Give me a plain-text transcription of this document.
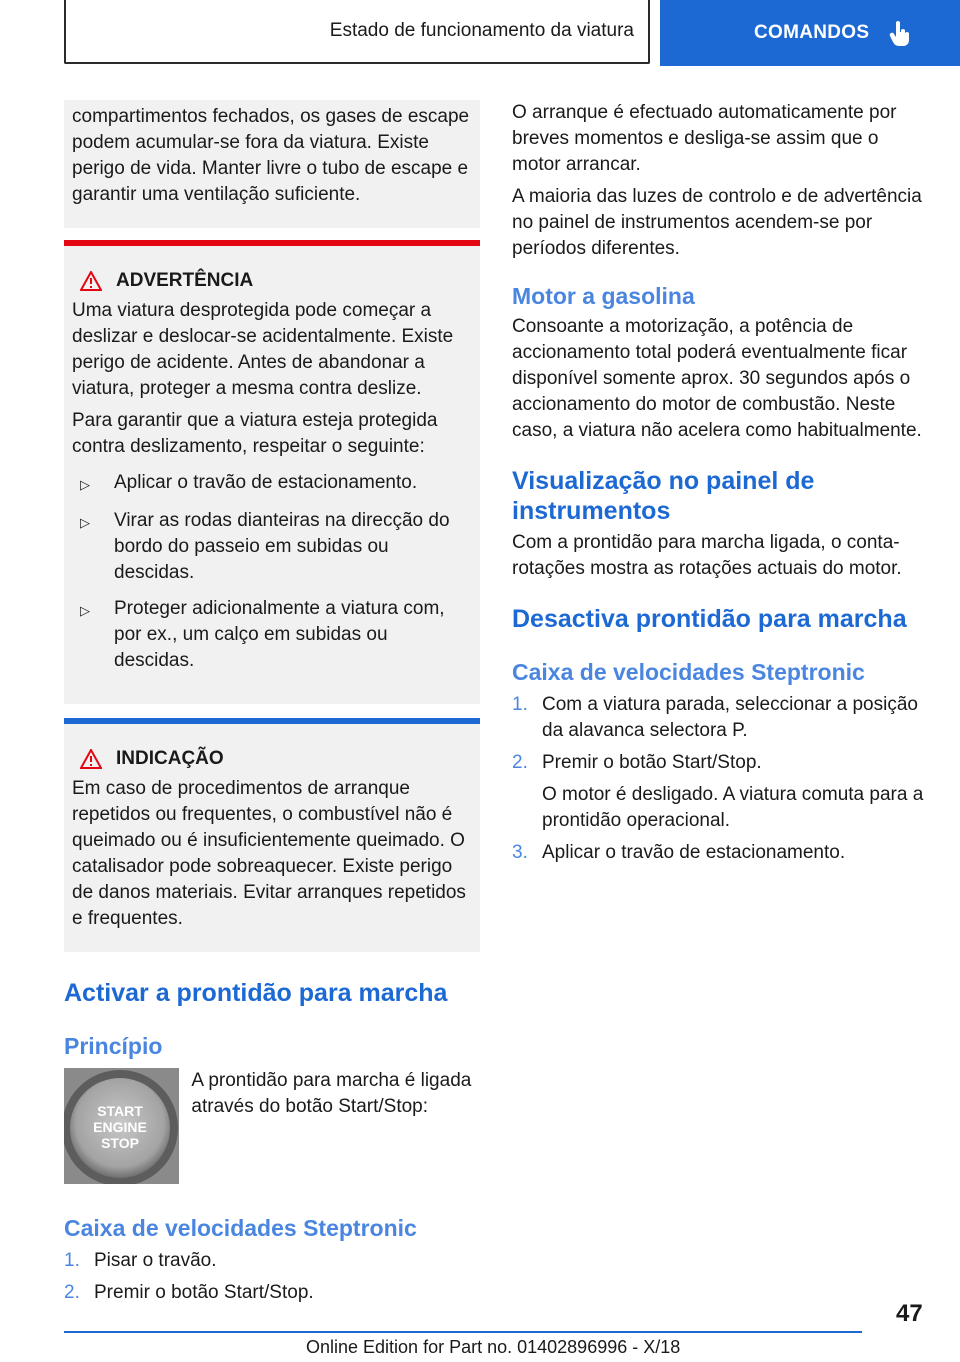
Estado de funcionamento da viatura	COMANDOS

compartimentos fechados, os gases de escape podem acumular-se fora da viatura. Existe perigo de vida. Manter livre o tubo de escape e garantir uma ventilação suficiente.

ADVERTÊNCIA

Uma viatura desprotegida pode começar a deslizar e deslocar-se acidentalmente. Existe perigo de acidente. Antes de abandonar a viatura, proteger a mesma contra deslize.

Para garantir que a viatura esteja protegida contra deslizamento, respeitar o seguinte:

▷	Aplicar o travão de estacionamento.
▷	Virar as rodas dianteiras na direcção do bordo do passeio em subidas ou descidas.
▷	Proteger adicionalmente a viatura com, por ex., um calço em subidas ou descidas.
INDICAÇÃO

Em caso de procedimentos de arranque repetidos ou frequentes, o combustível não é queimado ou é insuficientemente queimado. O catalisador pode sobreaquecer. Existe perigo de danos materiais. Evitar arranques repetidos e frequentes.

Activar a prontidão para marcha
Princípio
START
ENGINE
STOP

A prontidão para marcha é ligada através do botão Start/Stop:

Caixa de velocidades Steptronic
1. Pisar o travão.
2. Premir o botão Start/Stop.

O arranque é efectuado automaticamente por breves momentos e desliga-se assim que o motor arrancar.

A maioria das luzes de controlo e de advertência no painel de instrumentos acendem-se por períodos diferentes.

Motor a gasolina

Consoante a motorização, a potência de accionamento total poderá eventualmente ficar disponível somente aprox. 30 segundos após o accionamento do motor de combustão. Neste caso, a viatura não acelera como habitualmente.

Visualização no painel de instrumentos

Com a prontidão para marcha ligada, o conta-rotações mostra as rotações actuais do motor.

Desactiva prontidão para marcha
Caixa de velocidades Steptronic
1. Com a viatura parada, seleccionar a posição da alavanca selectora P.
2. Premir o botão Start/Stop.
O motor é desligado. A viatura comuta para a prontidão operacional.
3. Aplicar o travão de estacionamento.
47
Online Edition for Part no. 01402896996 - X/18
